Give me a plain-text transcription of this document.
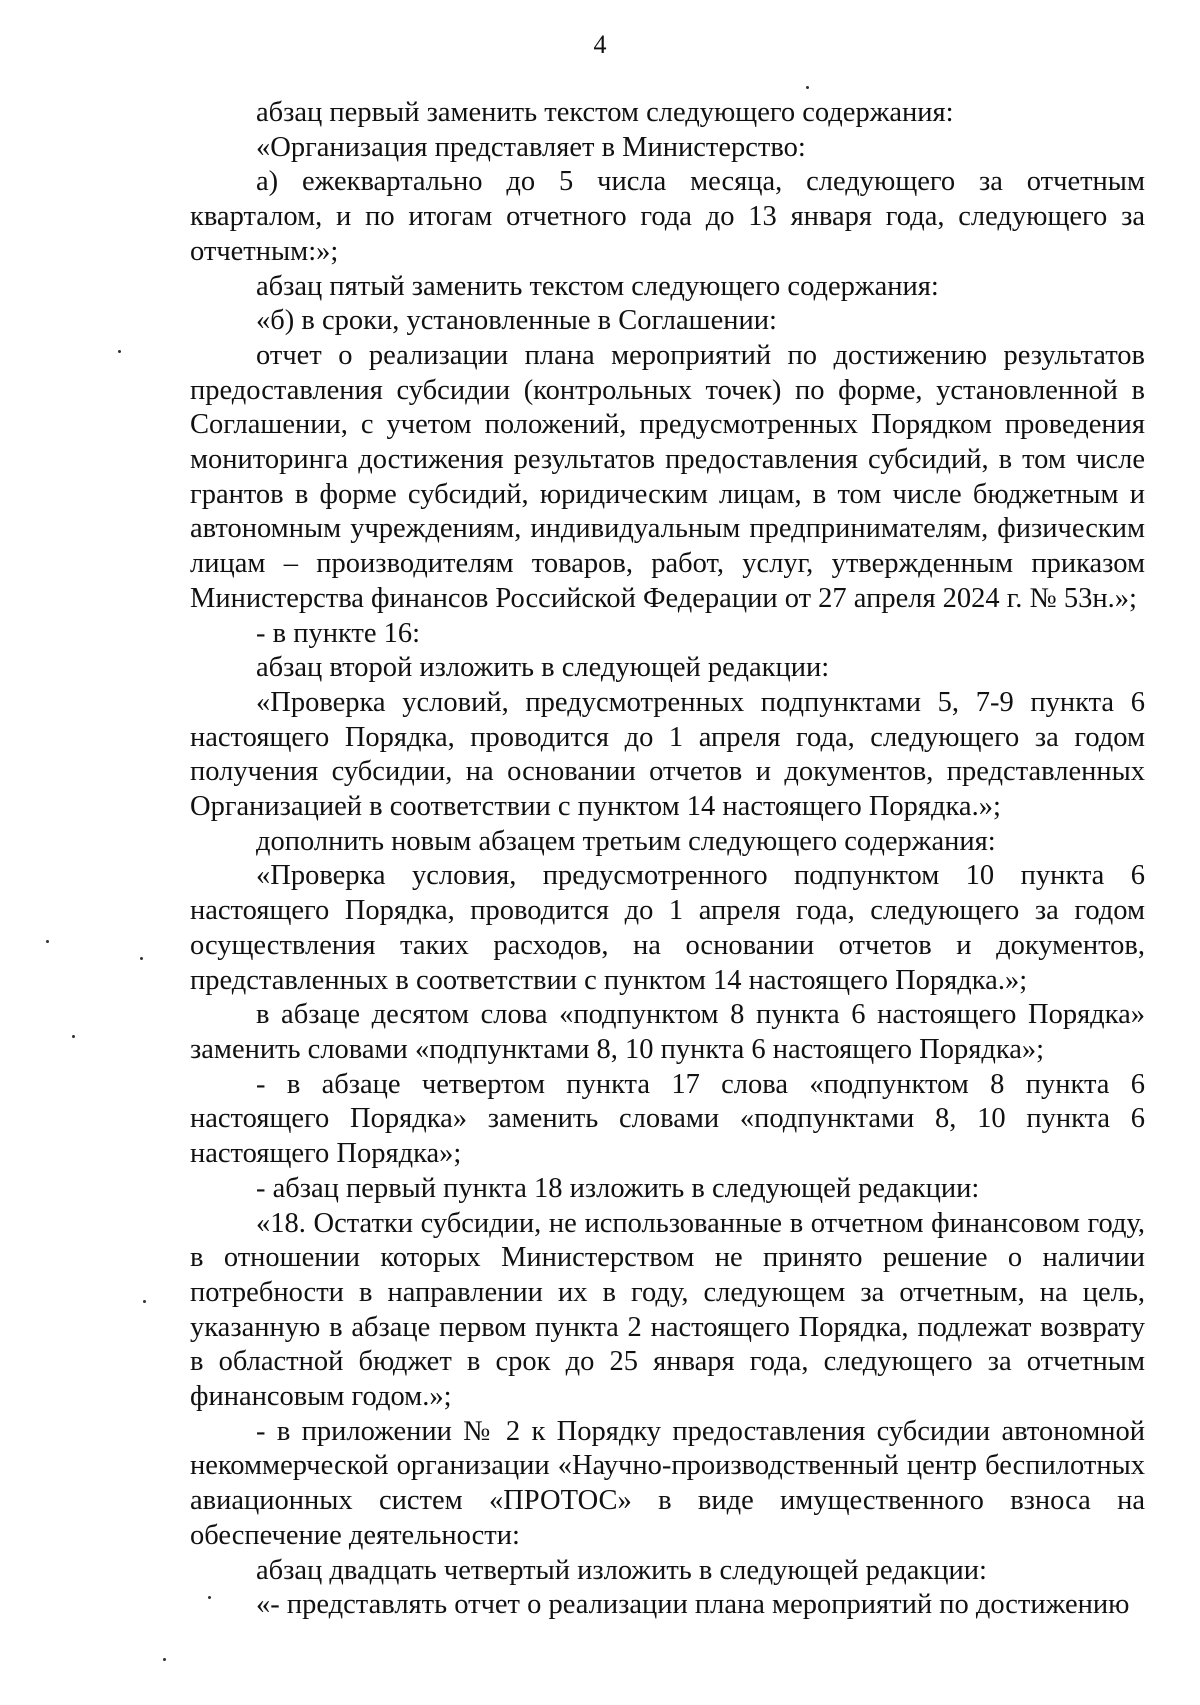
4

абзац первый заменить текстом следующего содержания:

«Организация представляет в Министерство:

а) ежеквартально до 5 числа месяца, следующего за отчетным кварталом, и по итогам отчетного года до 13 января года, следующего за отчетным:»;

абзац пятый заменить текстом следующего содержания:

«б) в сроки, установленные в Соглашении:

отчет о реализации плана мероприятий по достижению результатов предоставления субсидии (контрольных точек) по форме, установленной в Соглашении, с учетом положений, предусмотренных Порядком проведения мониторинга достижения результатов предоставления субсидий, в том числе грантов в форме субсидий, юридическим лицам, в том числе бюджетным и автономным учреждениям, индивидуальным предпринимателям, физическим лицам – производителям товаров, работ, услуг, утвержденным приказом Министерства финансов Российской Федерации от 27 апреля 2024 г. № 53н.»;

- в пункте 16:

абзац второй изложить в следующей редакции:

«Проверка условий, предусмотренных подпунктами 5, 7-9 пункта 6 настоящего Порядка, проводится до 1 апреля года, следующего за годом получения субсидии, на основании отчетов и документов, представленных Организацией в соответствии с пунктом 14 настоящего Порядка.»;

дополнить новым абзацем третьим следующего содержания:

«Проверка условия, предусмотренного подпунктом 10 пункта 6 настоящего Порядка, проводится до 1 апреля года, следующего за годом осуществления таких расходов, на основании отчетов и документов, представленных в соответствии с пунктом 14 настоящего Порядка.»;

в абзаце десятом слова «подпунктом 8 пункта 6 настоящего Порядка» заменить словами «подпунктами 8, 10 пункта 6 настоящего Порядка»;

- в абзаце четвертом пункта 17 слова «подпунктом 8 пункта 6 настоящего Порядка» заменить словами «подпунктами 8, 10 пункта 6 настоящего Порядка»;

- абзац первый пункта 18 изложить в следующей редакции:

«18. Остатки субсидии, не использованные в отчетном финансовом году, в отношении которых Министерством не принято решение о наличии потребности в направлении их в году, следующем за отчетным, на цель, указанную в абзаце первом пункта 2 настоящего Порядка, подлежат возврату в областной бюджет в срок до 25 января года, следующего за отчетным финансовым годом.»;

- в приложении № 2 к Порядку предоставления субсидии автономной некоммерческой организации «Научно-производственный центр беспилотных авиационных систем «ПРОТОС» в виде имущественного взноса на обеспечение деятельности:

абзац двадцать четвертый изложить в следующей редакции:

«- представлять отчет о реализации плана мероприятий по достижению
